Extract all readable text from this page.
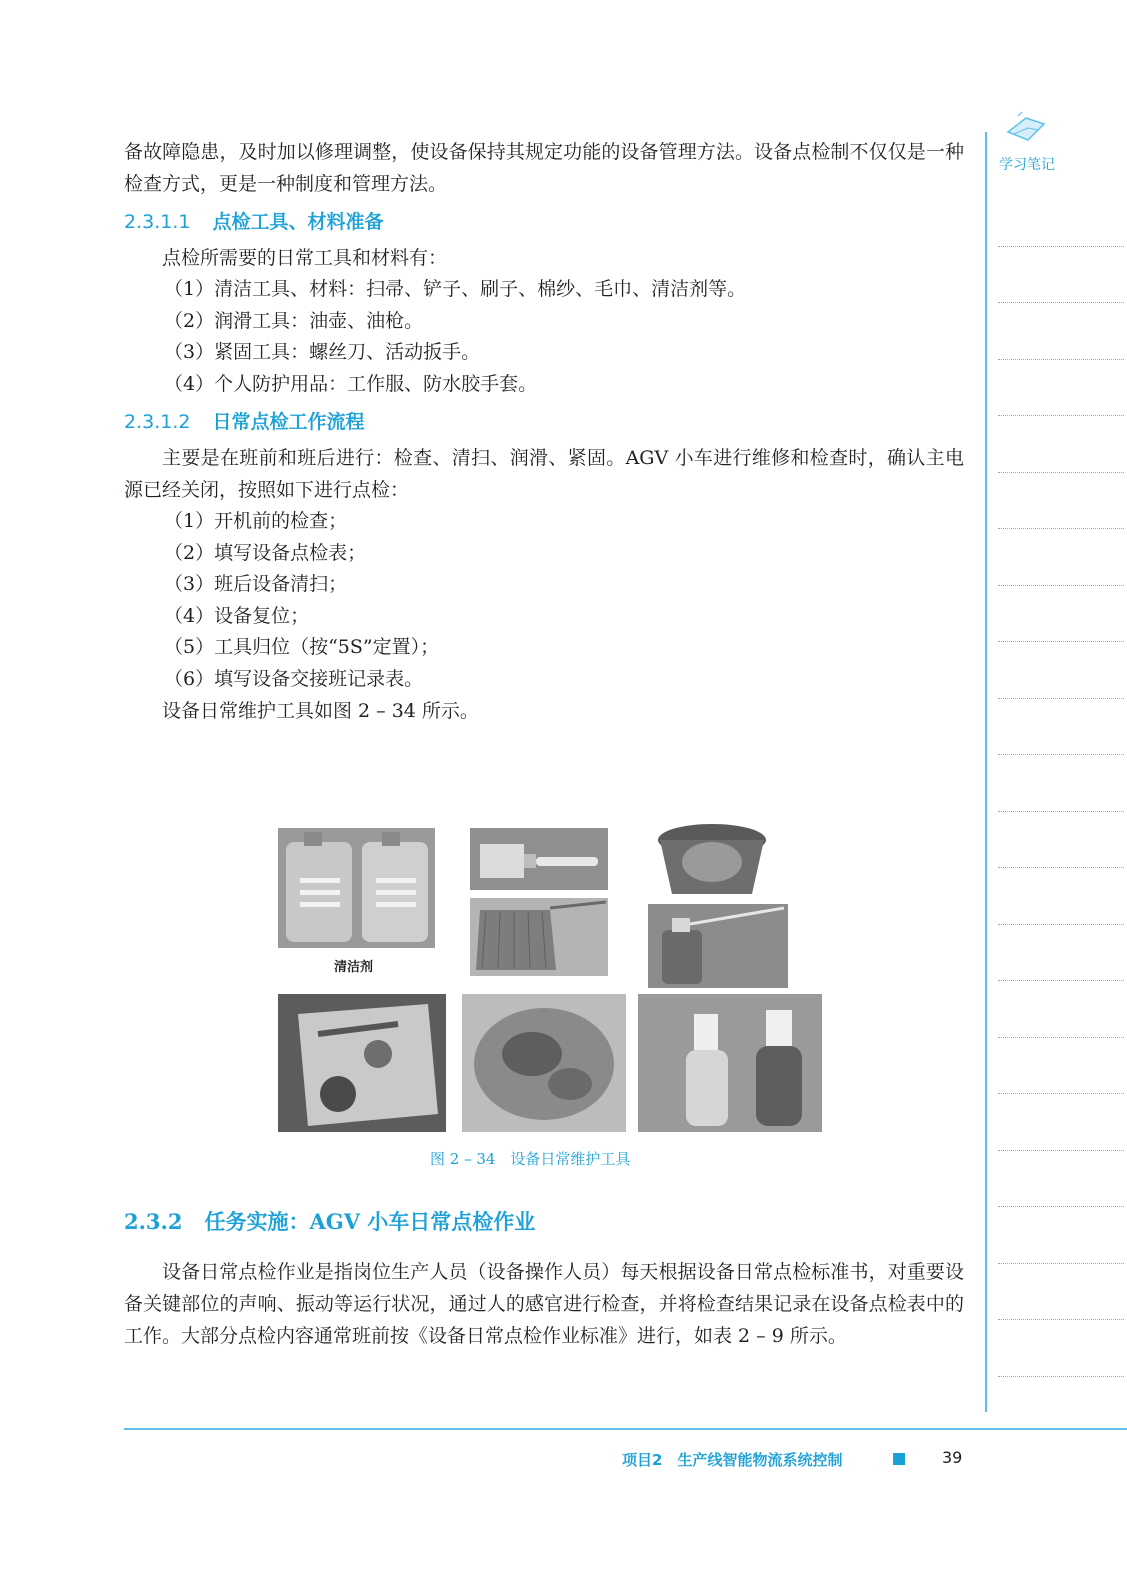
学习笔记

备故障隐患，及时加以修理调整，使设备保持其规定功能的设备管理方法。设备点检制不仅仅是一种检查方式，更是一种制度和管理方法。

2.3.1.1 点检工具、材料准备

点检所需要的日常工具和材料有：

（1）清洁工具、材料：扫帚、铲子、刷子、棉纱、毛巾、清洁剂等。

（2）润滑工具：油壶、油枪。

（3）紧固工具：螺丝刀、活动扳手。

（4）个人防护用品：工作服、防水胶手套。

2.3.1.2 日常点检工作流程

主要是在班前和班后进行：检查、清扫、润滑、紧固。AGV 小车进行维修和检查时，确认主电源已经关闭，按照如下进行点检：

（1）开机前的检查；

（2）填写设备点检表；

（3）班后设备清扫；

（4）设备复位；

（5）工具归位（按“5S”定置）；

（6）填写设备交接班记录表。

设备日常维护工具如图 2 – 34 所示。

清洁剂
图 2 – 34　设备日常维护工具
2.3.2 任务实施：AGV 小车日常点检作业

设备日常点检作业是指岗位生产人员（设备操作人员）每天根据设备日常点检标准书，对重要设备关键部位的声响、振动等运行状况，通过人的感官进行检查，并将检查结果记录在设备点检表中的工作。大部分点检内容通常班前按《设备日常点检作业标准》进行，如表 2 – 9 所示。

项目2　生产线智能物流系统控制	39
